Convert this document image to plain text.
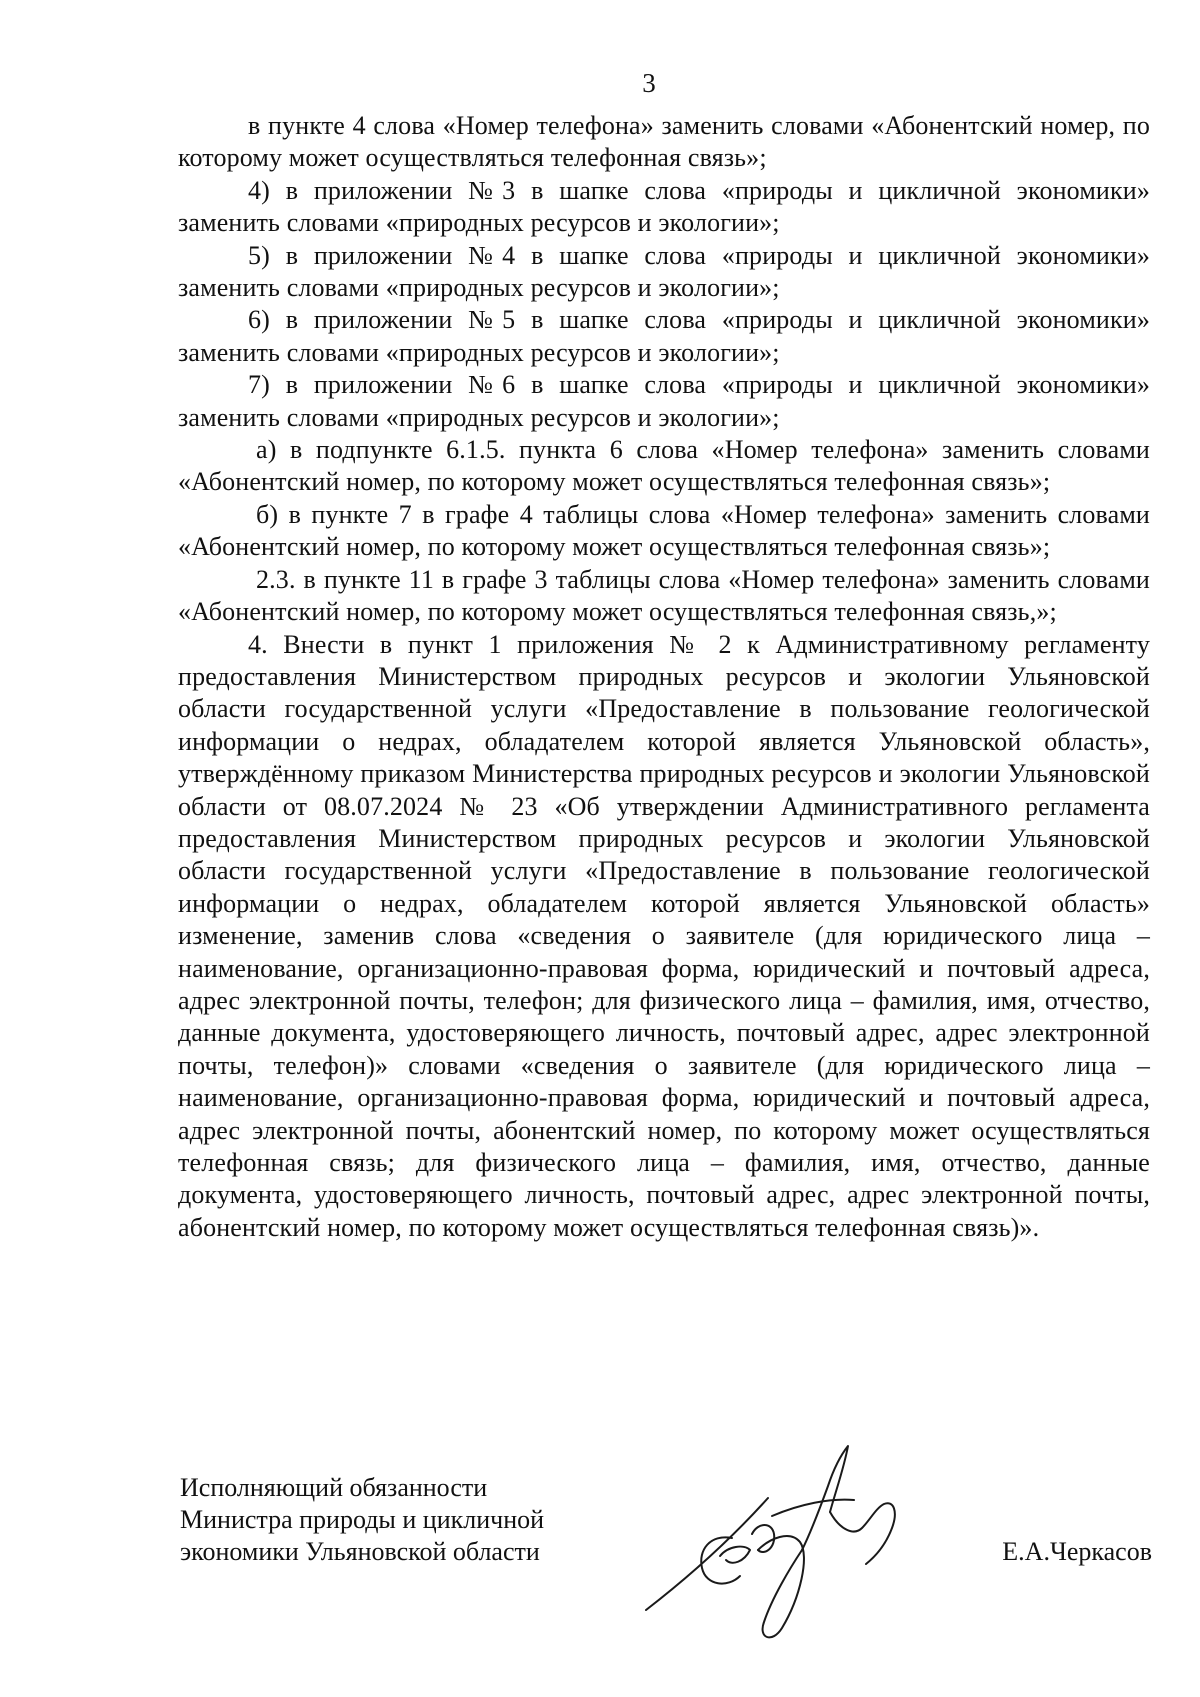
3

в пункте 4 слова «Номер телефона» заменить словами «Абонентский номер, по которому может осуществляться телефонная связь»;

4) в приложении №3 в шапке слова «природы и цикличной экономики» заменить словами «природных ресурсов и экологии»;

5) в приложении №4 в шапке слова «природы и цикличной экономики» заменить словами «природных ресурсов и экологии»;

6) в приложении №5 в шапке слова «природы и цикличной экономики» заменить словами «природных ресурсов и экологии»;

7) в приложении №6 в шапке слова «природы и цикличной экономики» заменить словами «природных ресурсов и экологии»;

а) в подпункте 6.1.5. пункта 6 слова «Номер телефона» заменить словами «Абонентский номер, по которому может осуществляться телефонная связь»;

б) в пункте 7 в графе 4 таблицы слова «Номер телефона» заменить словами «Абонентский номер, по которому может осуществляться телефонная связь»;

2.3. в пункте 11 в графе 3 таблицы слова «Номер телефона» заменить словами «Абонентский номер, по которому может осуществляться телефонная связь,»;

4. Внести в пункт 1 приложения № 2 к Административному регламенту предоставления Министерством природных ресурсов и экологии Ульяновской области государственной услуги «Предоставление в пользование геологической информации о недрах, обладателем которой является Ульяновской область», утверждённому приказом Министерства природных ресурсов и экологии Ульяновской области от 08.07.2024 № 23 «Об утверждении Административного регламента предоставления Министерством природных ресурсов и экологии Ульяновской области государственной услуги «Предоставление в пользование геологической информации о недрах, обладателем которой является Ульяновской область» изменение, заменив слова «сведения о заявителе (для юридического лица – наименование, организационно-правовая форма, юридический и почтовый адреса, адрес электронной почты, телефон; для физического лица – фамилия, имя, отчество, данные документа, удостоверяющего личность, почтовый адрес, адрес электронной почты, телефон)» словами «сведения о заявителе (для юридического лица – наименование, организационно-правовая форма, юридический и почтовый адреса, адрес электронной почты, абонентский номер, по которому может осуществляться телефонная связь; для физического лица – фамилия, имя, отчество, данные документа, удостоверяющего личность, почтовый адрес, адрес электронной почты, абонентский номер, по которому может осуществляться телефонная связь)».

Исполняющий обязанности
Министра природы и цикличной
экономики Ульяновской области	Е.А.Черкасов
